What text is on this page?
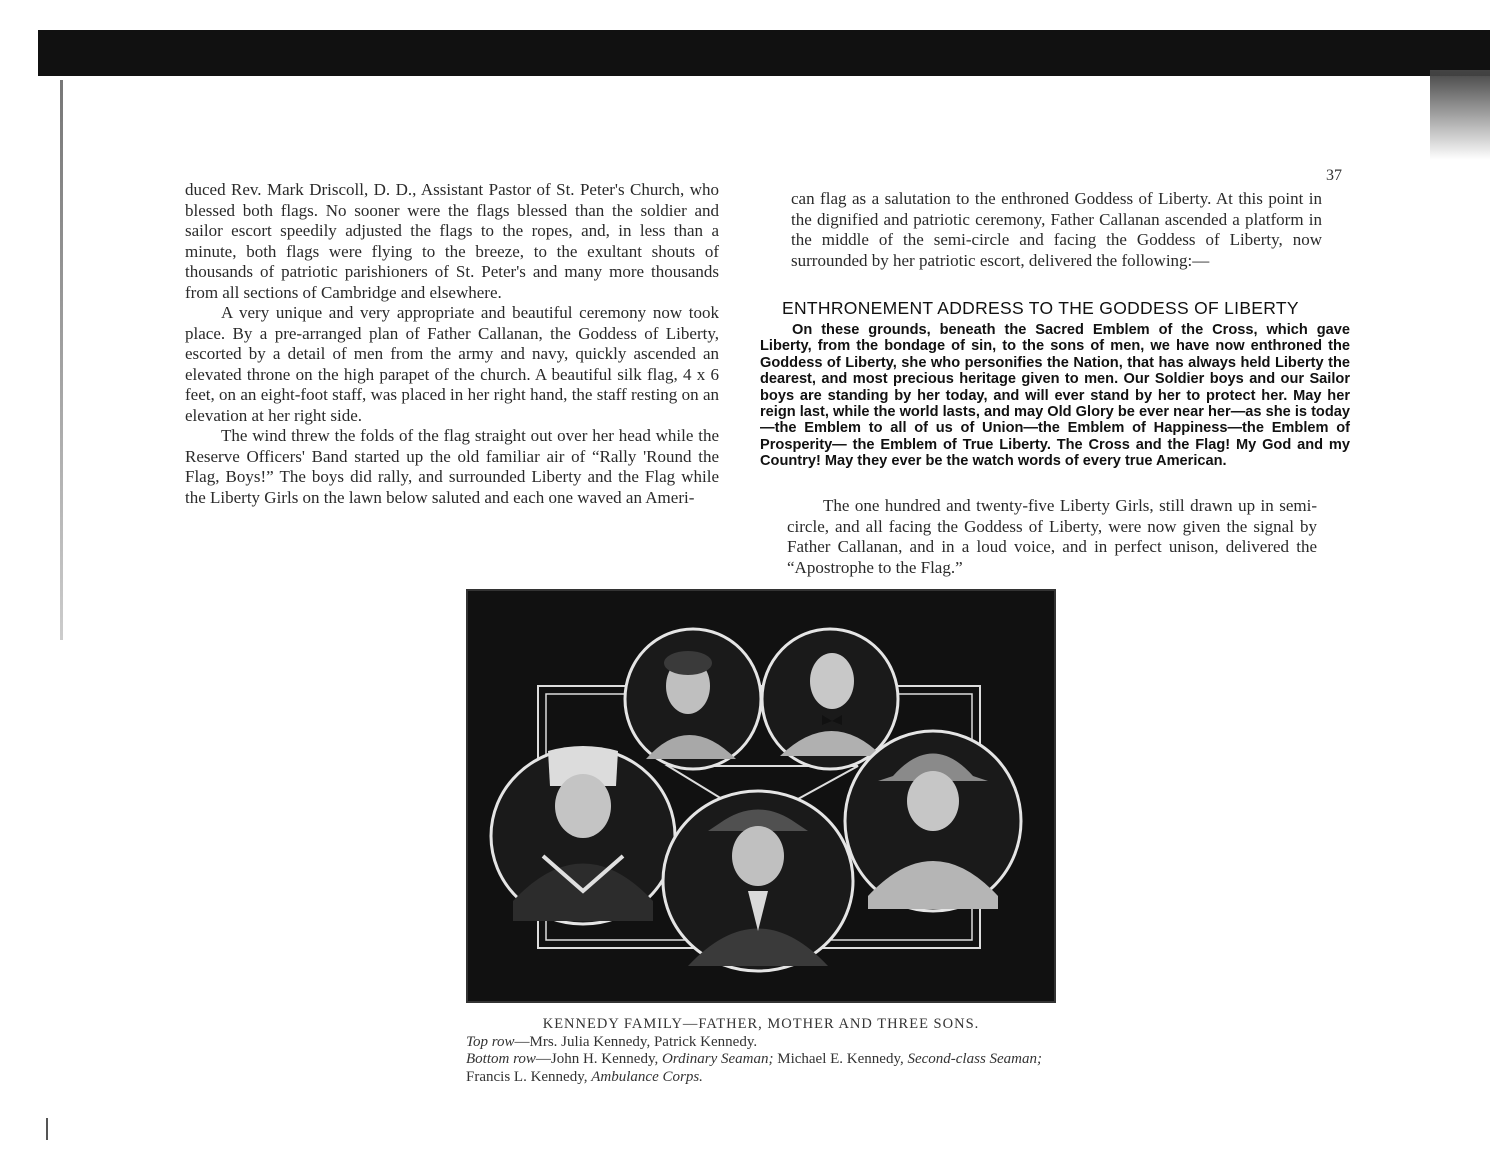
37

duced Rev. Mark Driscoll, D. D., Assistant Pastor of St. Peter's Church, who blessed both flags. No sooner were the flags blessed than the soldier and sailor escort speedily adjusted the flags to the ropes, and, in less than a minute, both flags were flying to the breeze, to the exultant shouts of thousands of patriotic parishioners of St. Peter's and many more thousands from all sections of Cambridge and elsewhere.

A very unique and very appropriate and beautiful ceremony now took place. By a pre-arranged plan of Father Callanan, the Goddess of Liberty, escorted by a detail of men from the army and navy, quickly ascended an elevated throne on the high parapet of the church. A beautiful silk flag, 4 x 6 feet, on an eight-foot staff, was placed in her right hand, the staff resting on an elevation at her right side.

The wind threw the folds of the flag straight out over her head while the Reserve Officers' Band started up the old familiar air of “Rally 'Round the Flag, Boys!” The boys did rally, and surrounded Liberty and the Flag while the Liberty Girls on the lawn below saluted and each one waved an Ameri-

can flag as a salutation to the enthroned Goddess of Liberty. At this point in the dignified and patriotic ceremony, Father Callanan ascended a platform in the middle of the semi-circle and facing the Goddess of Liberty, now surrounded by her patriotic escort, delivered the following:—

ENTHRONEMENT ADDRESS TO THE GODDESS OF LIBERTY
On these grounds, beneath the Sacred Emblem of the Cross, which gave Liberty, from the bondage of sin, to the sons of men, we have now enthroned the Goddess of Liberty, she who personifies the Nation, that has always held Liberty the dearest, and most precious heritage given to men. Our Soldier boys and our Sailor boys are standing by her today, and will ever stand by her to protect her. May her reign last, while the world lasts, and may Old Glory be ever near her—as she is today—the Emblem to all of us of Union—the Emblem of Happiness—the Emblem of Prosperity— the Emblem of True Liberty. The Cross and the Flag! My God and my Country! May they ever be the watch words of every true American.

The one hundred and twenty-five Liberty Girls, still drawn up in semi-circle, and all facing the Goddess of Liberty, were now given the signal by Father Callanan, and in a loud voice, and in perfect unison, delivered the “Apostrophe to the Flag.”

KENNEDY FAMILY—FATHER, MOTHER AND THREE SONS.
Top row—Mrs. Julia Kennedy, Patrick Kennedy.
Bottom row—John H. Kennedy, Ordinary Seaman; Michael E. Kennedy, Second-class Seaman; Francis L. Kennedy, Ambulance Corps.
